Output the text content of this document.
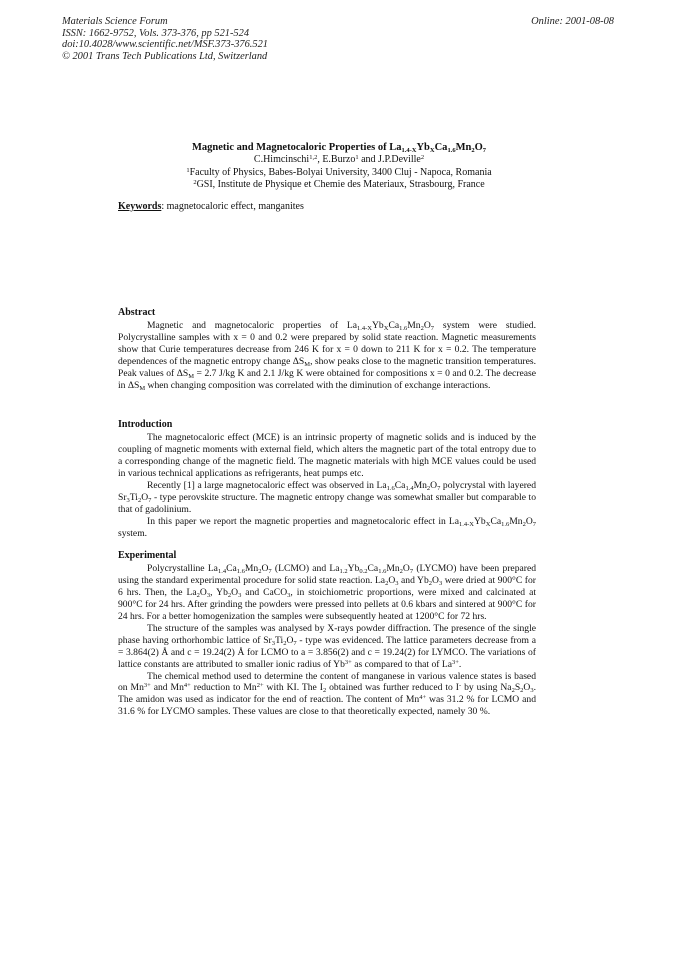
Materials Science Forum
ISSN: 1662-9752, Vols. 373-376, pp 521-524
doi:10.4028/www.scientific.net/MSF.373-376.521
© 2001 Trans Tech Publications Ltd, Switzerland
Online: 2001-08-08
Magnetic and Magnetocaloric Properties of $La_{1.4-X}Yb_XCa_{1.6}Mn_2O_7$
C.Himcinschi$^{1,2}$, E.Burzo$^1$ and J.P.Deville$^2$
$^1$Faculty of Physics, Babes-Bolyai University, 3400 Cluj - Napoca, Romania
$^2$GSI, Institute de Physique et Chemie des Materiaux, Strasbourg, France
Keywords: magnetocaloric effect, manganites
Abstract

Magnetic and magnetocaloric properties of $La_{1.4-X}Yb_XCa_{1.6}Mn_2O_7$ system were studied. Polycrystalline samples with x = 0 and 0.2 were prepared by solid state reaction. Magnetic measurements show that Curie temperatures decrease from 246 K for x = 0 down to 211 K for x = 0.2. The temperature dependences of the magnetic entropy change $\Delta S_M$, show peaks close to the magnetic transition temperatures. Peak values of $\Delta S_M = 2.7$ J/kg K and 2.1 J/kg K were obtained for compositions x = 0 and 0.2. The decrease in $\Delta S_M$ when changing composition was correlated with the diminution of exchange interactions.

Introduction

The magnetocaloric effect (MCE) is an intrinsic property of magnetic solids and is induced by the coupling of magnetic moments with external field, which alters the magnetic part of the total entropy due to a corresponding change of the magnetic field. The magnetic materials with high MCE values could be used in various technical applications as refrigerants, heat pumps etc.

Recently [1] a large magnetocaloric effect was observed in $La_{1.6}Ca_{1.4}Mn_2O_7$ polycrystal with layered $Sr_3Ti_2O_7$ - type perovskite structure. The magnetic entropy change was somewhat smaller but comparable to that of gadolinium.

In this paper we report the magnetic properties and magnetocaloric effect in $La_{1.4-X}Yb_XCa_{1.6}Mn_2O_7$ system.

Experimental

Polycrystalline $La_{1.4}Ca_{1.6}Mn_2O_7$ (LCMO) and $La_{1.2}Yb_{0.2}Ca_{1.6}Mn_2O_7$ (LYCMO) have been prepared using the standard experimental procedure for solid state reaction. $La_2O_3$ and $Yb_2O_3$ were dried at 900°C for 6 hrs. Then, the $La_2O_3$, $Yb_2O_3$ and CaCO$_3$, in stoichiometric proportions, were mixed and calcinated at 900°C for 24 hrs. After grinding the powders were pressed into pellets at 0.6 kbars and sintered at 900°C for 24 hrs. For a better homogenization the samples were subsequently heated at 1200°C for 72 hrs.

The structure of the samples was analysed by X-rays powder diffraction. The presence of the single phase having orthorhombic lattice of $Sr_3Ti_2O_7$ - type was evidenced. The lattice parameters decrease from a = 3.864(2) Å and c = 19.24(2) Å for LCMO to a = 3.856(2) and c = 19.24(2) for LYMCO. The variations of lattice constants are attributed to smaller ionic radius of $Yb^{3+}$ as compared to that of $La^{3+}$.

The chemical method used to determine the content of manganese in various valence states is based on $Mn^{3+}$ and $Mn^{4+}$ reduction to $Mn^{2+}$ with KI. The $I_2$ obtained was further reduced to I- by using $Na_2S_2O_3$. The amidon was used as indicator for the end of reaction. The content of $Mn^{4+}$ was 31.2 % for LCMO and 31.6 % for LYCMO samples. These values are close to that theoretically expected, namely 30 %.
